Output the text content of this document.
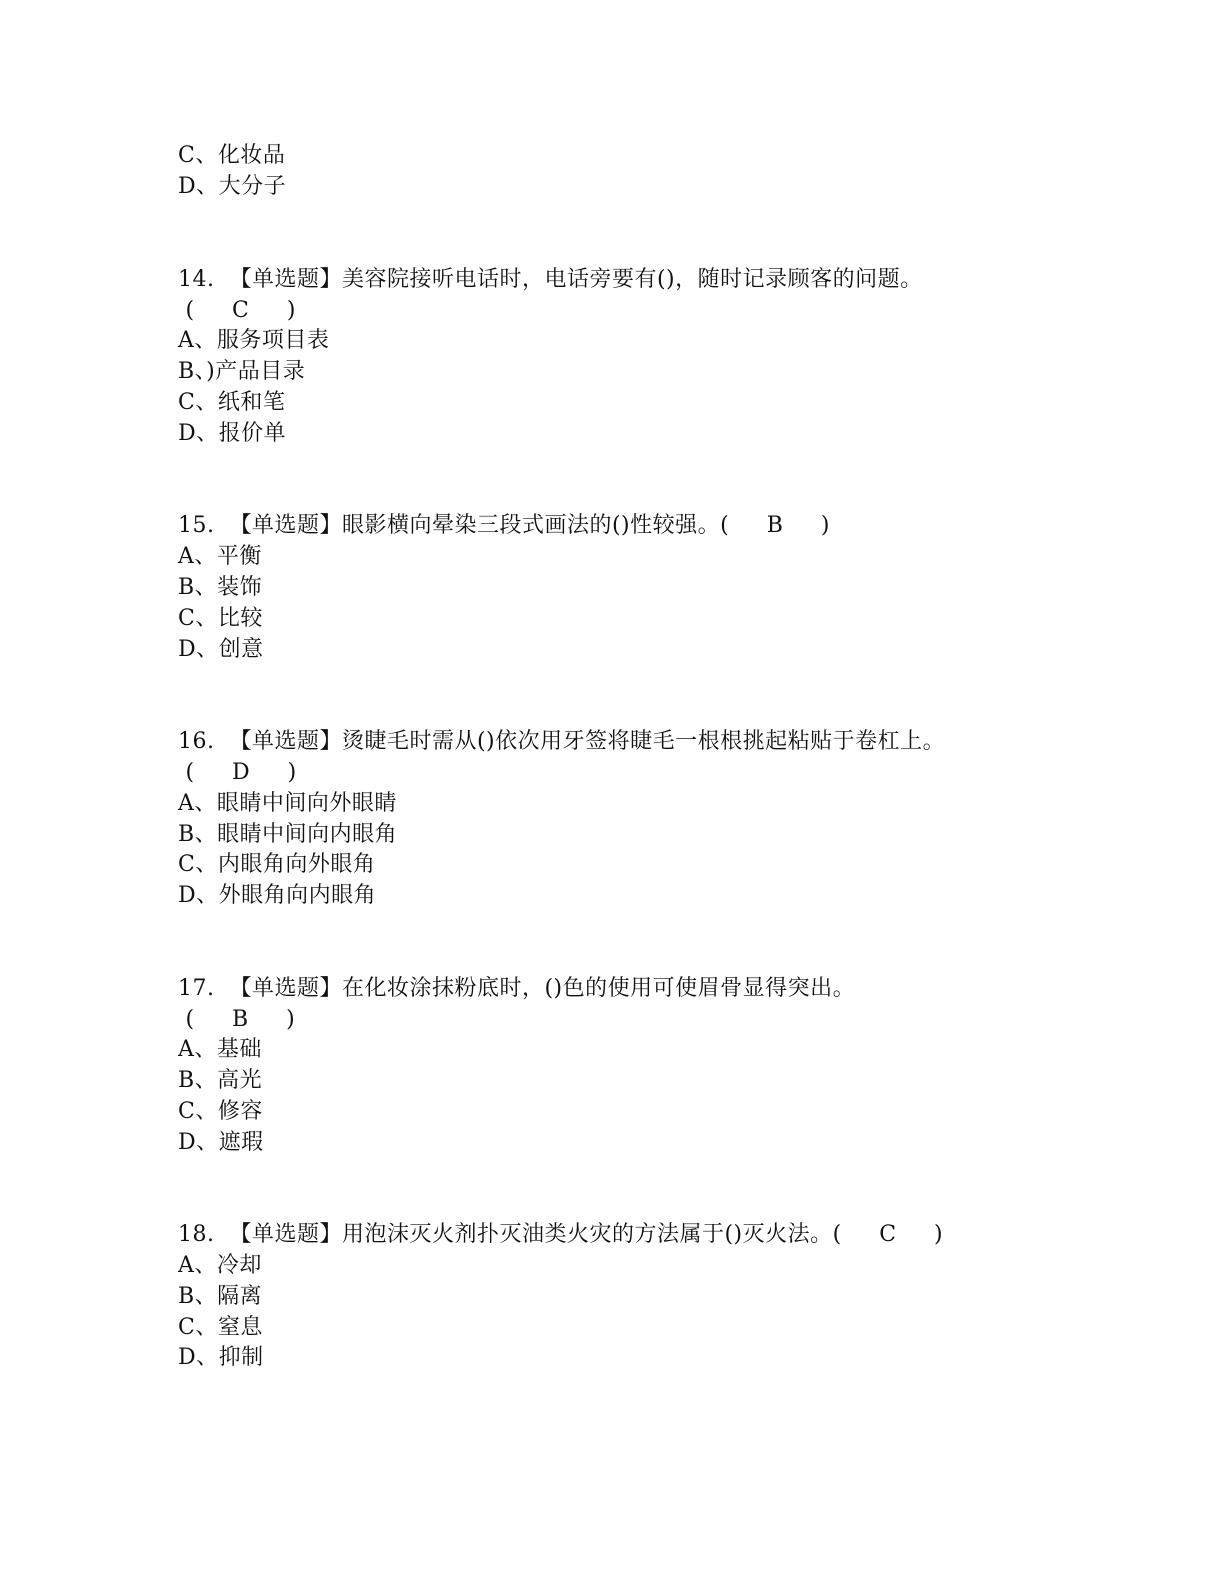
C、化妆品
D、大分子
14.  【单选题】美容院接听电话时，电话旁要有()，随时记录顾客的问题。
(     C     )
A、服务项目表
B、)产品目录
C、纸和笔
D、报价单
15.  【单选题】眼影横向晕染三段式画法的()性较强。(     B     )
A、平衡
B、装饰
C、比较
D、创意
16.  【单选题】烫睫毛时需从()依次用牙签将睫毛一根根挑起粘贴于卷杠上。
(     D     )
A、眼睛中间向外眼睛
B、眼睛中间向内眼角
C、内眼角向外眼角
D、外眼角向内眼角
17.  【单选题】在化妆涂抹粉底时，()色的使用可使眉骨显得突出。
(     B     )
A、基础
B、高光
C、修容
D、遮瑕
18.  【单选题】用泡沫灭火剂扑灭油类火灾的方法属于()灭火法。(     C     )
A、冷却
B、隔离
C、窒息
D、抑制
